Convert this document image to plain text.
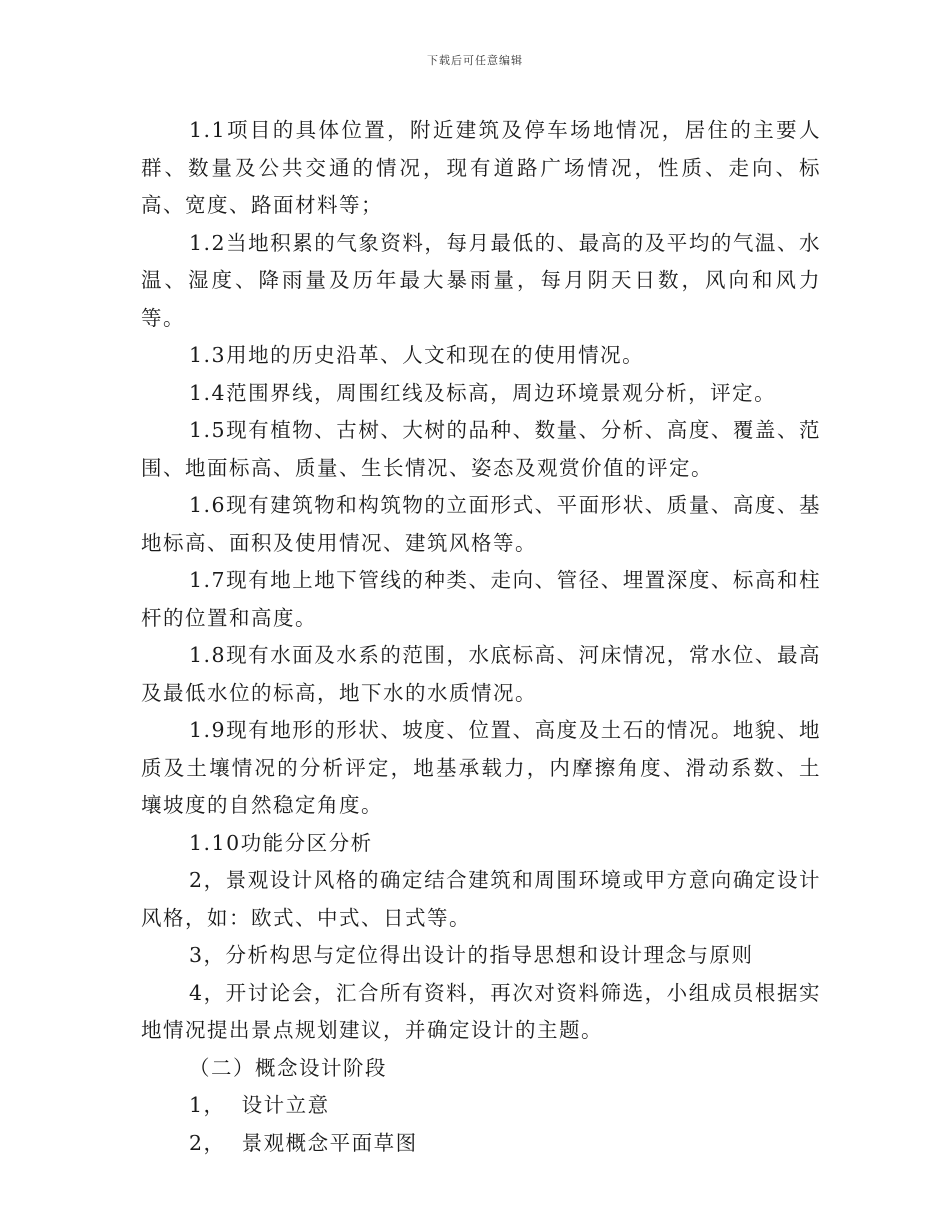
下载后可任意编辑

1.1项目的具体位置，附近建筑及停车场地情况，居住的主要人群、数量及公共交通的情况，现有道路广场情况，性质、走向、标高、宽度、路面材料等；

1.2当地积累的气象资料，每月最低的、最高的及平均的气温、水温、湿度、降雨量及历年最大暴雨量，每月阴天日数，风向和风力等。

1.3用地的历史沿革、人文和现在的使用情况。

1.4范围界线，周围红线及标高，周边环境景观分析，评定。

1.5现有植物、古树、大树的品种、数量、分析、高度、覆盖、范围、地面标高、质量、生长情况、姿态及观赏价值的评定。

1.6现有建筑物和构筑物的立面形式、平面形状、质量、高度、基地标高、面积及使用情况、建筑风格等。

1.7现有地上地下管线的种类、走向、管径、埋置深度、标高和柱杆的位置和高度。

1.8现有水面及水系的范围，水底标高、河床情况，常水位、最高及最低水位的标高，地下水的水质情况。

1.9现有地形的形状、坡度、位置、高度及土石的情况。地貌、地质及土壤情况的分析评定，地基承载力，内摩擦角度、滑动系数、土壤坡度的自然稳定角度。

1.10功能分区分析

2，景观设计风格的确定结合建筑和周围环境或甲方意向确定设计风格，如：欧式、中式、日式等。

3，分析构思与定位得出设计的指导思想和设计理念与原则

4，开讨论会，汇合所有资料，再次对资料筛选，小组成员根据实地情况提出景点规划建议，并确定设计的主题。

（二）概念设计阶段

1，  设计立意

2，  景观概念平面草图
